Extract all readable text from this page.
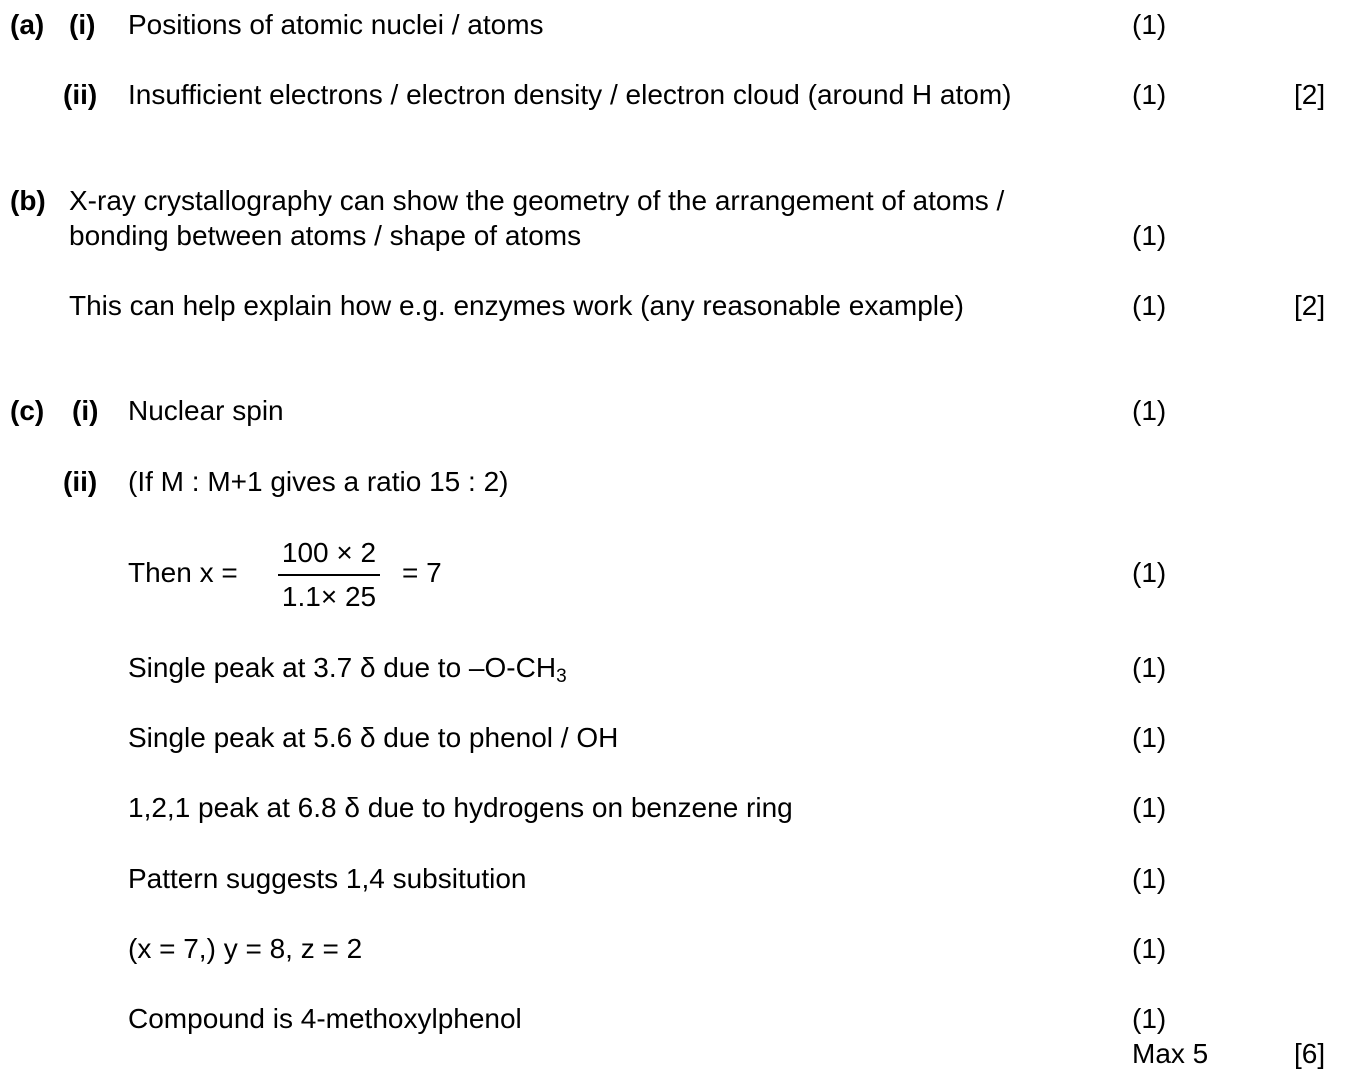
(a) (i) Positions of atomic nuclei / atoms	(1)
(ii) Insufficient electrons / electron density / electron cloud (around H atom)	(1)	[2]
(b) X-ray crystallography can show the geometry of the arrangement of atoms /
bonding between atoms / shape of atoms	(1)
This can help explain how e.g. enzymes work (any reasonable example)	(1)	[2]
(c) (i) Nuclear spin	(1)
(ii) (If M : M+1 gives a ratio 15 : 2)
Then x =
100 × 2
1.1× 25
= 7	(1)
Single peak at 3.7 δ due to $-O-CH_3$	(1)
Single peak at 5.6 δ due to phenol / OH	(1)
1,2,1 peak at 6.8 δ due to hydrogens on benzene ring	(1)
Pattern suggests 1,4 subsitution	(1)
(x = 7,) y = 8, z = 2	(1)
Compound is 4-methoxylphenol	(1)
Max 5	[6]
